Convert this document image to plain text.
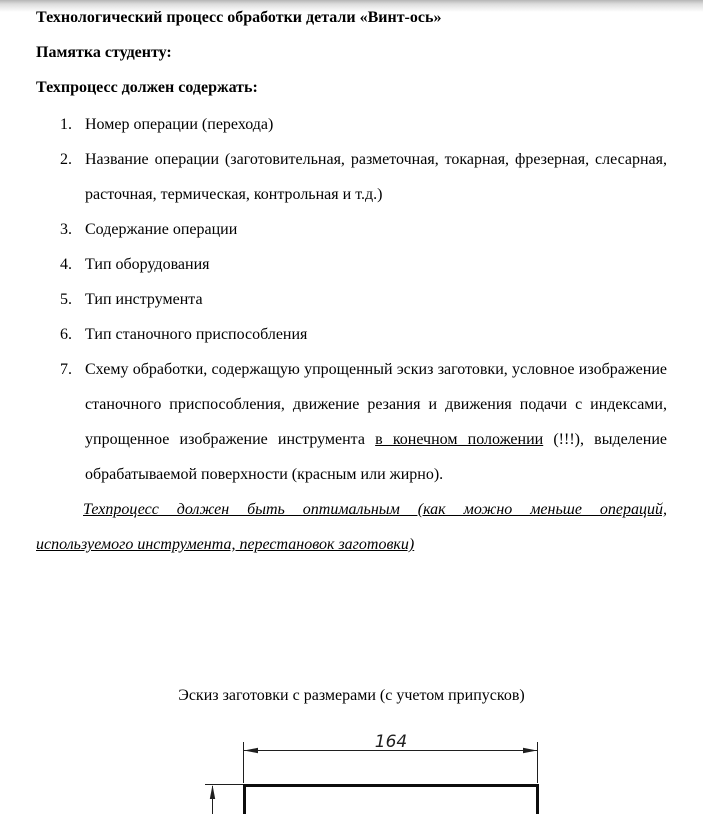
Технологический процесс обработки детали «Винт-ось»

Памятка студенту:

Техпроцесс должен содержать:

1. Номер операции (перехода)
2. Название операции (заготовительная, разметочная, токарная, фрезерная, слесарная, расточная, термическая, контрольная и т.д.)
3. Содержание операции
4. Тип оборудования
5. Тип инструмента
6. Тип станочного приспособления
7. Схему обработки, содержащую упрощенный эскиз заготовки, условное изображение станочного приспособления, движение резания и движения подачи с индексами, упрощенное изображение инструмента в конечном положении (!!!), выделение обрабатываемой поверхности (красным или жирно).

Техпроцесс должен быть оптимальным (как можно меньше операций, используемого инструмента, перестановок заготовки)

Эскиз заготовки с размерами (с учетом припусков)

164
